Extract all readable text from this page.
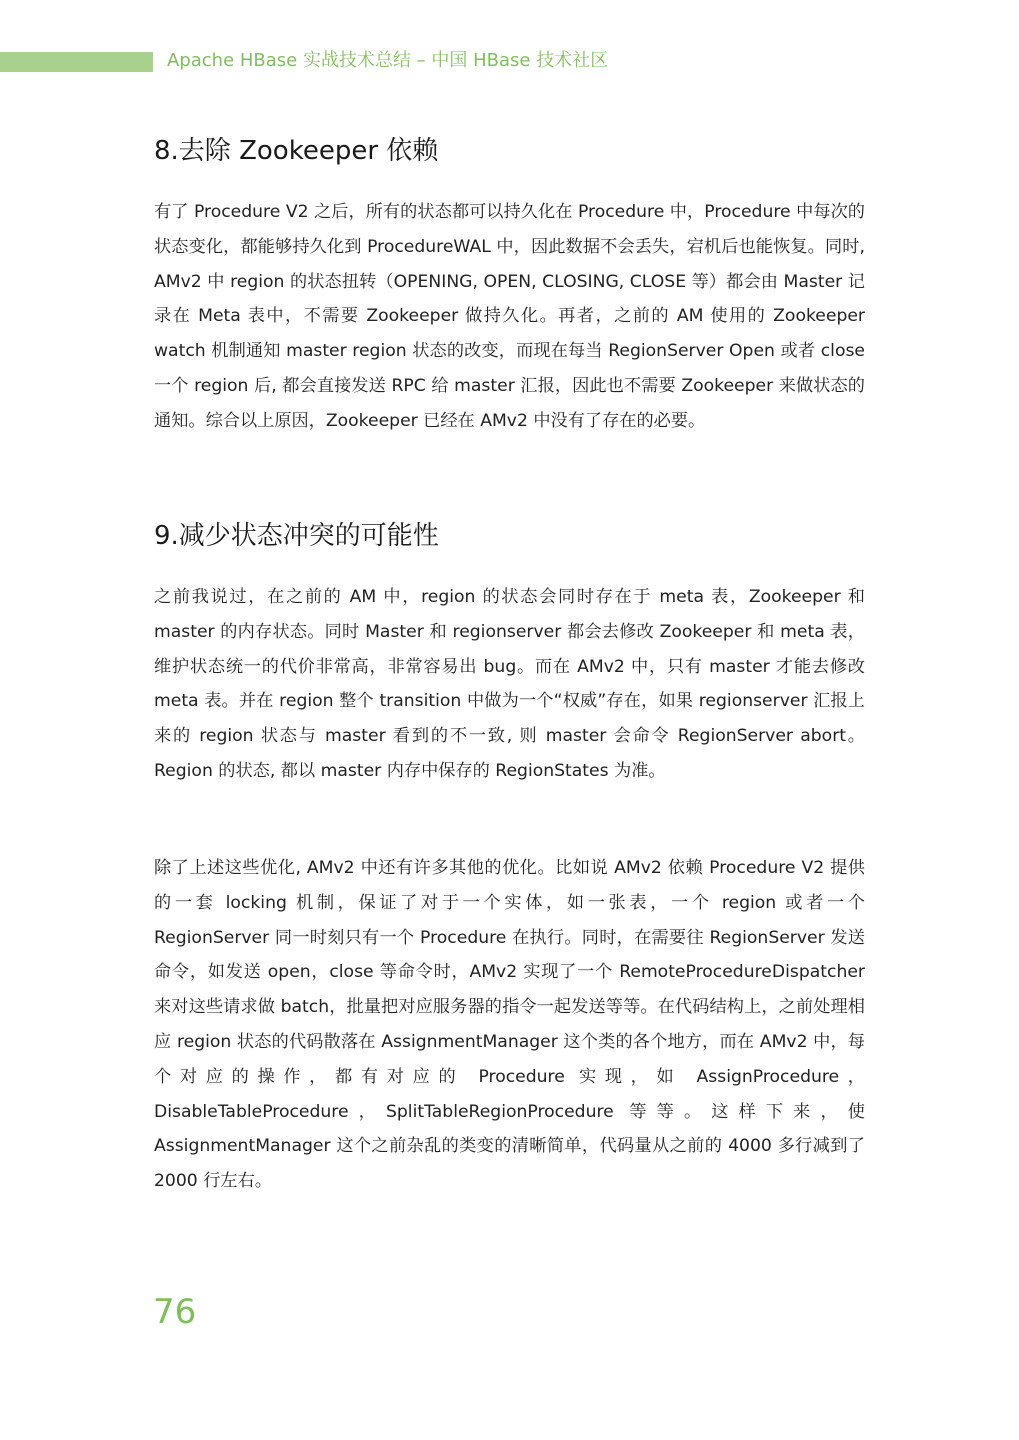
Apache HBase 实战技术总结 – 中国 HBase 技术社区
8.去除 Zookeeper 依赖

有了 Procedure V2 之后，所有的状态都可以持久化在 Procedure 中，Procedure 中每次的状态变化，都能够持久化到 ProcedureWAL 中，因此数据不会丢失，宕机后也能恢复。同时, AMv2 中 region 的状态扭转（OPENING, OPEN, CLOSING, CLOSE 等）都会由 Master 记录在 Meta 表中，不需要 Zookeeper 做持久化。再者，之前的 AM 使用的 Zookeeper watch 机制通知 master region 状态的改变，而现在每当 RegionServer Open 或者 close 一个 region 后, 都会直接发送 RPC 给 master 汇报，因此也不需要 Zookeeper 来做状态的通知。综合以上原因，Zookeeper 已经在 AMv2 中没有了存在的必要。

9.减少状态冲突的可能性

之前我说过，在之前的 AM 中，region 的状态会同时存在于 meta 表，Zookeeper 和 master 的内存状态。同时 Master 和 regionserver 都会去修改 Zookeeper 和 meta 表，维护状态统一的代价非常高，非常容易出 bug。而在 AMv2 中，只有 master 才能去修改 meta 表。并在 region 整个 transition 中做为一个“权威”存在，如果 regionserver 汇报上来的 region 状态与 master 看到的不一致, 则 master 会命令 RegionServer abort。Region 的状态, 都以 master 内存中保存的 RegionStates 为准。

除了上述这些优化, AMv2 中还有许多其他的优化。比如说 AMv2 依赖 Procedure V2 提供的一套 locking 机制，保证了对于一个实体，如一张表，一个 region 或者一个 RegionServer 同一时刻只有一个 Procedure 在执行。同时，在需要往 RegionServer 发送命令，如发送 open，close 等命令时，AMv2 实现了一个 RemoteProcedureDispatcher 来对这些请求做 batch，批量把对应服务器的指令一起发送等等。在代码结构上，之前处理相应 region 状态的代码散落在 AssignmentManager 这个类的各个地方，而在 AMv2 中，每个对应的操作，都有对应的 Procedure 实现，如 AssignProcedure，DisableTableProcedure，SplitTableRegionProcedure 等等。这样下来，使 AssignmentManager 这个之前杂乱的类变的清晰简单，代码量从之前的 4000 多行减到了 2000 行左右。

76
